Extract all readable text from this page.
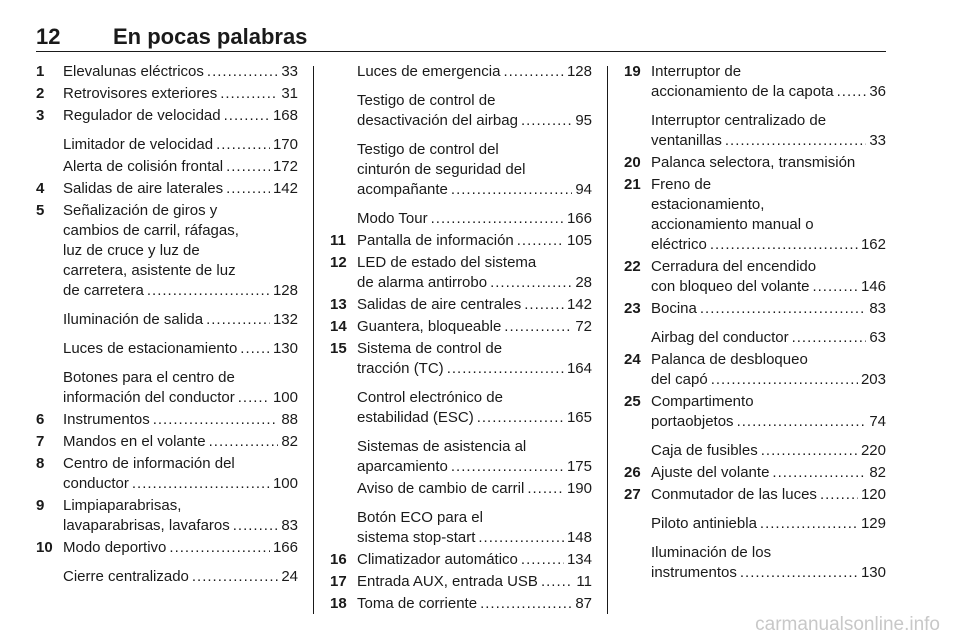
12 En pocas palabras
1 Elevalunas eléctricos .....	33
2 Retrovisores exteriores .....	31
3 Regulador de velocidad .....	168
Limitador de velocidad .....	170
Alerta de colisión frontal .....	172
4 Salidas de aire laterales .....	142
5 Señalización de giros y
cambios de carril, ráfagas,
luz de cruce y luz de
carretera, asistente de luz
de carretera .....	128
Iluminación de salida .....	132
Luces de estacionamiento ..... 130
Botones para el centro de
información del conductor .....	100
6 Instrumentos .....	88
7 Mandos en el volante .....	82
8 Centro de información del
conductor .....	100
9 Limpiaparabrisas,
lavaparabrisas, lavafaros .....	83
10 Modo deportivo .....	166
Cierre centralizado .....	24
Luces de emergencia .....	128
Testigo de control de
desactivación del airbag .....	95
Testigo de control del
cinturón de seguridad del
acompañante .....	94
Modo Tour .....	166
11 Pantalla de información .....	105
12 LED de estado del sistema
de alarma antirrobo .....	28
13 Salidas de aire centrales .....	142
14 Guantera, bloqueable .....	72
15 Sistema de control de
tracción (TC) .....	164
Control electrónico de
estabilidad (ESC) .....	165
Sistemas de asistencia al
aparcamiento .....	175
Aviso de cambio de carril .....	190
Botón ECO para el
sistema stop-start .....	148
16 Climatizador automático .....	134
17 Entrada AUX, entrada USB .....	11
18 Toma de corriente .....	87
19 Interruptor de
accionamiento de la capota ..... 36
Interruptor centralizado de
ventanillas .....	33
20 Palanca selectora, transmisión
21 Freno de
estacionamiento,
accionamiento manual o
eléctrico .....	162
22 Cerradura del encendido
con bloqueo del volante .....	146
23 Bocina .....	83
Airbag del conductor .....	63
24 Palanca de desbloqueo
del capó .....	203
25 Compartimento
portaobjetos .....	74
Caja de fusibles .....	220
26 Ajuste del volante .....	82
27 Conmutador de las luces .....	120
Piloto antiniebla .....	129
Iluminación de los
instrumentos .....	130
carmanualsonline.info
